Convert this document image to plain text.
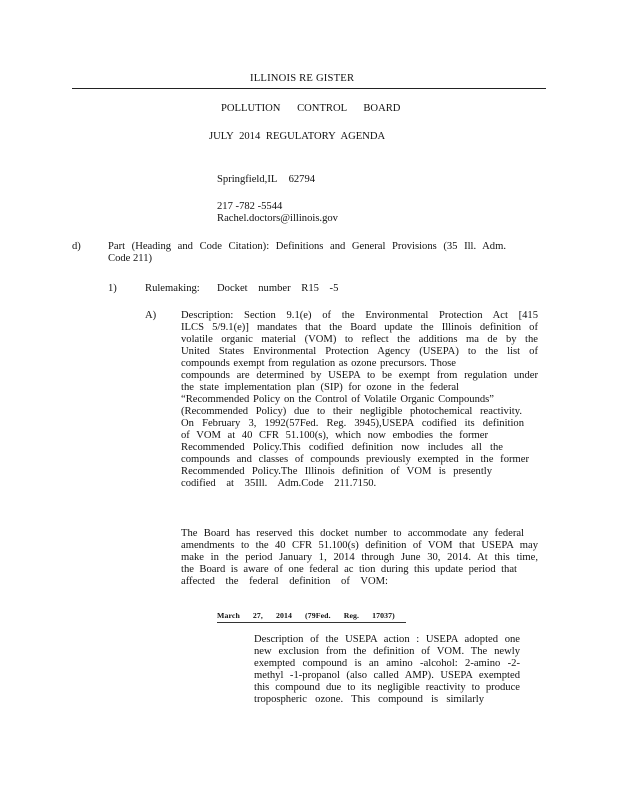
ILLINOIS RE GISTER
POLLUTION CONTROL BOARD
JULY 2014 REGULATORY AGENDA
Springfield,IL 62794
217 -782 -5544
Rachel.doctors@illinois.gov
d)	Part (Heading and Code Citation): Definitions and General Provisions (35 Ill. Adm.
Code 211)
1)	Rulemaking: Docket number R15 -5
A) Description: Section 9.1(e) of the Environmental Protection Act [415
ILCS 5/9.1(e)] mandates that the Board update the Illinois definition of
volatile organic material (VOM) to reflect the additions ma de by the
United States Environmental Protection Agency (USEPA) to the list of
compounds exempt from regulation as ozone precursors. Those
compounds are determined by USEPA to be exempt from regulation under
the state implementation plan (SIP) for ozone in the federal
“Recommended Policy on the Control of Volatile Organic Compounds”
(Recommended Policy) due to their negligible photochemical reactivity.
On February 3, 1992(57Fed. Reg. 3945),USEPA codified its definition
of VOM at 40 CFR 51.100(s), which now embodies the former
Recommended Policy.This codified definition now includes all the
compounds and classes of compounds previously exempted in the former
Recommended Policy.The Illinois definition of VOM is presently
codified at 35Ill. Adm.Code 211.7150.
The Board has reserved this docket number to accommodate any federal
amendments to the 40 CFR 51.100(s) definition of VOM that USEPA may
make in the period January 1, 2014 through June 30, 2014. At this time,
the Board is aware of one federal ac tion during this update period that
affected the federal definition of VOM:
March 27, 2014 (79Fed. Reg. 17037)
Description of the USEPA action : USEPA adopted one
new exclusion from the definition of VOM. The newly
exempted compound is an amino -alcohol: 2-amino -2-
methyl -1-propanol (also called AMP). USEPA exempted
this compound due to its negligible reactivity to produce
tropospheric ozone. This compound is similarly
